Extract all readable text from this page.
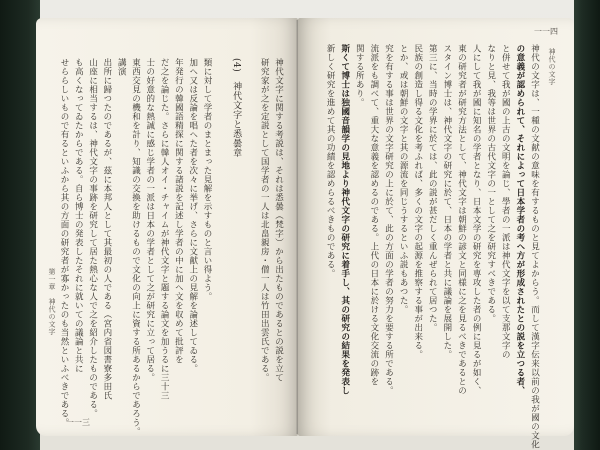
第一章　神代の文字	神代文字に関する考説は、それは悉曇（梵字）から出たものであるとの説を立て
研究家が之を定説として国学者の一人は北畠親房・僧一人は竹田出雲氏である。
(4)　神代文字と悉曇章
類に対して学者のまとまった見解を示すものと言い得よう。
加へ又は反論を唱へた者を次々に挙げ、さらに文献上の見解を論述してゐる。
年発行の韓國語精探に関する諸説を記述し学者の中に加へ文を収めて批評を
だ之を論じた。さらに韓人オイ・チャイムが神代文字と題する論文を加うるに三十三
士の好意的な熱誠に感じ学者の一派は日本の学者として之が研究に立って居る。
東西交見の機和を計り、知識の交換を助けるもので文化の向上に資する所あるからであろう。
講演
出所に歸つたのであるが、茲に本邦人として其最初の人である（宮内省図書寮多田氏
山座に相当するは、神代文字の事跡を研究して居た熱心な人で之を紹介したものである。
も高くなってゐたからである。自ら博士の発表したそれに就いての議論と共に
せららしいもので有るといふから其の方面の研究者が寡かったのも当然といふべきである。
一一三
神代の文字
神代の文字は、一種の文献の意味を有するものと見てよからう。而して漢字伝来以前の我が國の文化
の意義が認められて、それによって日本学者の考へ方が形成されたとの説を立つる者、
と併せて我が國の上古の文明を論じ、學者の一派は神代文字を以て支那文字の
なりと見、我等は世界の古代文字の一として之を研究すべきである。
人にして我が國に知名の学者となり、日本文学の研究を専攻した者の例に見るが如く、
東の研究者が研究方法として、神代文字は朝鮮の諺文と同様に之を見るべきであるとの
スタイン博士は、神代文字の研究に於て、日本の学者と共に議論を展開した。
第三に、当時の学界に於ては、此の説が甚だしく重んぜられて居つた。
民族の創造し得る文化を考ふれば、多くの文字の起源を推察する事が出来る。
とか、或は朝鮮の文字と其の源流を同じうするといふ説もあつた。
究を有する事は世界の文字研究の上に於て、此の方面の学者の努力を要する所である。
流派をも調べて、重大な意義を認めるのである。上代の日本に於ける文化交流の跡を
関する所あり。
斯くて博士は独國音韻学の見地より神代文字の研究に着手し、其の研究の結果を発表し
新しく研究を進めて其の功績を認めらるべきものである。
一一四
